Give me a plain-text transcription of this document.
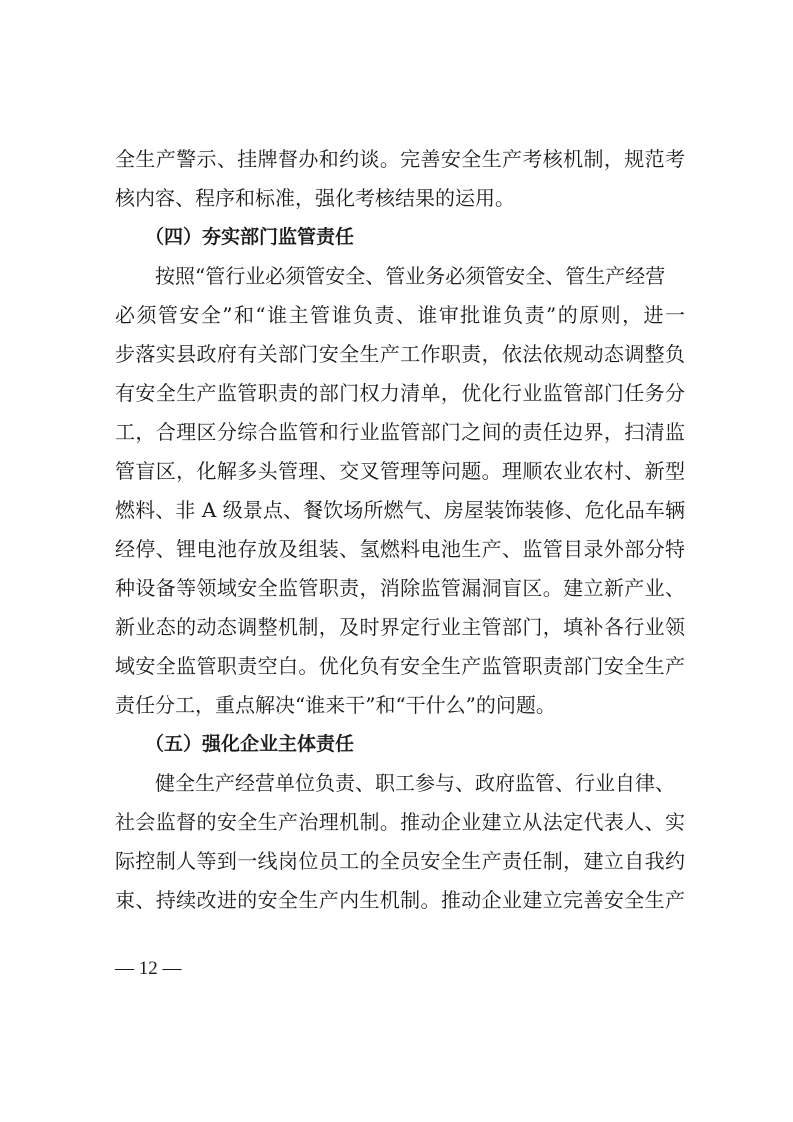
全生产警示、挂牌督办和约谈。完善安全生产考核机制，规范考
核内容、程序和标准，强化考核结果的运用。
（四）夯实部门监管责任
按照“管行业必须管安全、管业务必须管安全、管生产经营
必须管安全”和“谁主管谁负责、谁审批谁负责”的原则，进一
步落实县政府有关部门安全生产工作职责，依法依规动态调整负
有安全生产监管职责的部门权力清单，优化行业监管部门任务分
工，合理区分综合监管和行业监管部门之间的责任边界，扫清监
管盲区，化解多头管理、交叉管理等问题。理顺农业农村、新型
燃料、非 A 级景点、餐饮场所燃气、房屋装饰装修、危化品车辆
经停、锂电池存放及组装、氢燃料电池生产、监管目录外部分特
种设备等领域安全监管职责，消除监管漏洞盲区。建立新产业、
新业态的动态调整机制，及时界定行业主管部门，填补各行业领
域安全监管职责空白。优化负有安全生产监管职责部门安全生产
责任分工，重点解决“谁来干”和“干什么”的问题。
（五）强化企业主体责任
健全生产经营单位负责、职工参与、政府监管、行业自律、
社会监督的安全生产治理机制。推动企业建立从法定代表人、实
际控制人等到一线岗位员工的全员安全生产责任制，建立自我约
束、持续改进的安全生产内生机制。推动企业建立完善安全生产
— 12 —
